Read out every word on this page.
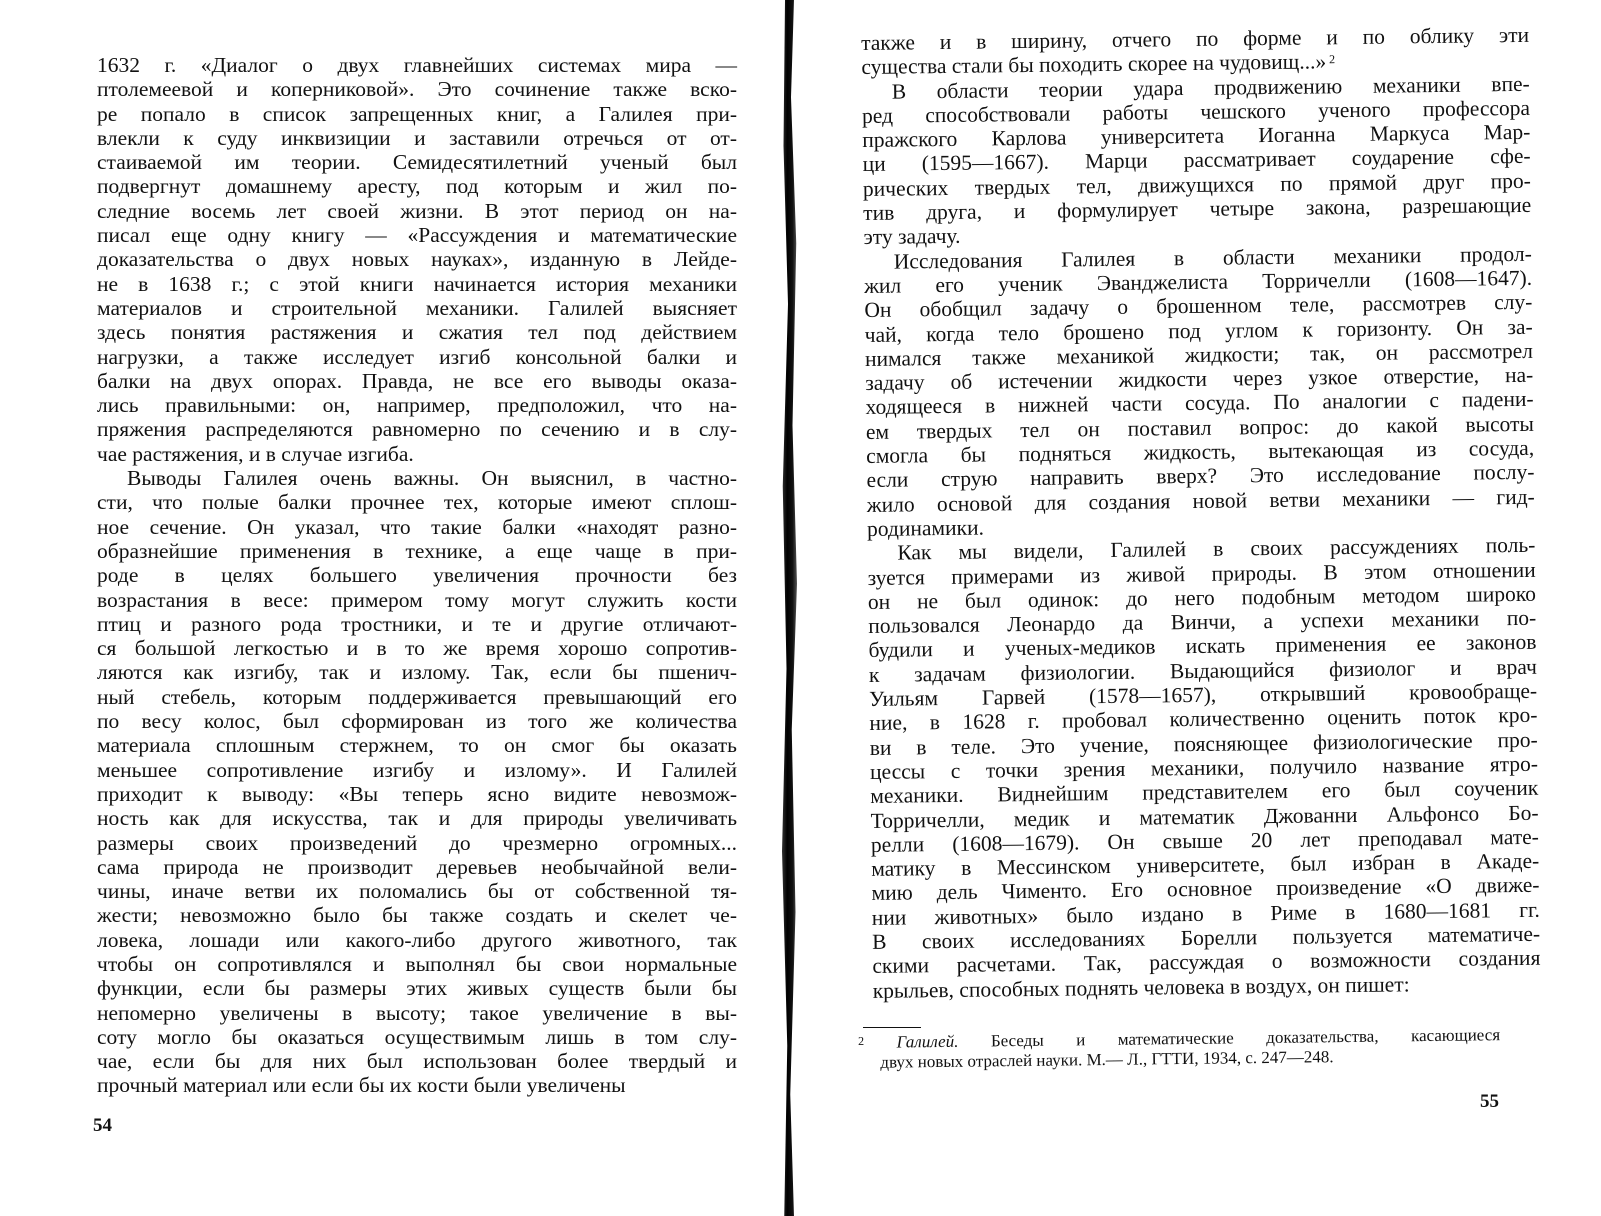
1632 г. «Диалог о двух главнейших системах мира —
птолемеевой и коперниковой». Это сочинение также вско-
ре попало в список запрещенных книг, а Галилея при-
влекли к суду инквизиции и заставили отречься от от-
стаиваемой им теории. Семидесятилетний ученый был
подвергнут домашнему аресту, под которым и жил по-
следние восемь лет своей жизни. В этот период он на-
писал еще одну книгу — «Рассуждения и математические
доказательства о двух новых науках», изданную в Лейде-
не в 1638 г.; с этой книги начинается история механики
материалов и строительной механики. Галилей выясняет
здесь понятия растяжения и сжатия тел под действием
нагрузки, а также исследует изгиб консольной балки и
балки на двух опорах. Правда, не все его выводы оказа-
лись правильными: он, например, предположил, что на-
пряжения распределяются равномерно по сечению и в слу-
чае растяжения, и в случае изгиба.
Выводы Галилея очень важны. Он выяснил, в частно-
сти, что полые балки прочнее тех, которые имеют сплош-
ное сечение. Он указал, что такие балки «находят разно-
образнейшие применения в технике, а еще чаще в при-
роде в целях большего увеличения прочности без
возрастания в весе: примером тому могут служить кости
птиц и разного рода тростники, и те и другие отличают-
ся большой легкостью и в то же время хорошо сопротив-
ляются как изгибу, так и излому. Так, если бы пшенич-
ный стебель, которым поддерживается превышающий его
по весу колос, был сформирован из того же количества
материала сплошным стержнем, то он смог бы оказать
меньшее сопротивление изгибу и излому». И Галилей
приходит к выводу: «Вы теперь ясно видите невозмож-
ность как для искусства, так и для природы увеличивать
размеры своих произведений до чрезмерно огромных...
сама природа не производит деревьев необычайной вели-
чины, иначе ветви их поломались бы от собственной тя-
жести; невозможно было бы также создать и скелет че-
ловека, лошади или какого-либо другого животного, так
чтобы он сопротивлялся и выполнял бы свои нормальные
функции, если бы размеры этих живых существ были бы
непомерно увеличены в высоту; такое увеличение в вы-
соту могло бы оказаться осуществимым лишь в том слу-
чае, если бы для них был использован более твердый и
прочный материал или если бы их кости были увеличены
54
также и в ширину, отчего по форме и по облику эти
существа стали бы походить скорее на чудовищ...» $^2$
В области теории удара продвижению механики впе-
ред способствовали работы чешского ученого профессора
пражского Карлова университета Иоганна Маркуса Мар-
ци (1595—1667). Марци рассматривает соударение сфе-
рических твердых тел, движущихся по прямой друг про-
тив друга, и формулирует четыре закона, разрешающие
эту задачу.
Исследования Галилея в области механики продол-
жил его ученик Эванджелиста Торричелли (1608—1647).
Он обобщил задачу о брошенном теле, рассмотрев слу-
чай, когда тело брошено под углом к горизонту. Он за-
нимался также механикой жидкости; так, он рассмотрел
задачу об истечении жидкости через узкое отверстие, на-
ходящееся в нижней части сосуда. По аналогии с падени-
ем твердых тел он поставил вопрос: до какой высоты
смогла бы подняться жидкость, вытекающая из сосуда,
если струю направить вверх? Это исследование послу-
жило основой для создания новой ветви механики — гид-
родинамики.
Как мы видели, Галилей в своих рассуждениях поль-
зуется примерами из живой природы. В этом отношении
он не был одинок: до него подобным методом широко
пользовался Леонардо да Винчи, а успехи механики по-
будили и ученых-медиков искать применения ее законов
к задачам физиологии. Выдающийся физиолог и врач
Уильям Гарвей (1578—1657), открывший кровообраще-
ние, в 1628 г. пробовал количественно оценить поток кро-
ви в теле. Это учение, поясняющее физиологические про-
цессы с точки зрения механики, получило название ятро-
механики. Виднейшим представителем его был соученик
Торричелли, медик и математик Джованни Альфонсо Бо-
релли (1608—1679). Он свыше 20 лет преподавал мате-
матику в Мессинском университете, был избран в Акаде-
мию дель Чименто. Его основное произведение «О движе-
нии животных» было издано в Риме в 1680—1681 гг.
В своих исследованиях Борелли пользуется математиче-
скими расчетами. Так, рассуждая о возможности создания
крыльев, способных поднять человека в воздух, он пишет:
$^2$ Галилей. Беседы и математические доказательства, касающиеся
двух новых отраслей науки. М.— Л., ГТТИ, 1934, с. 247—248.
55
